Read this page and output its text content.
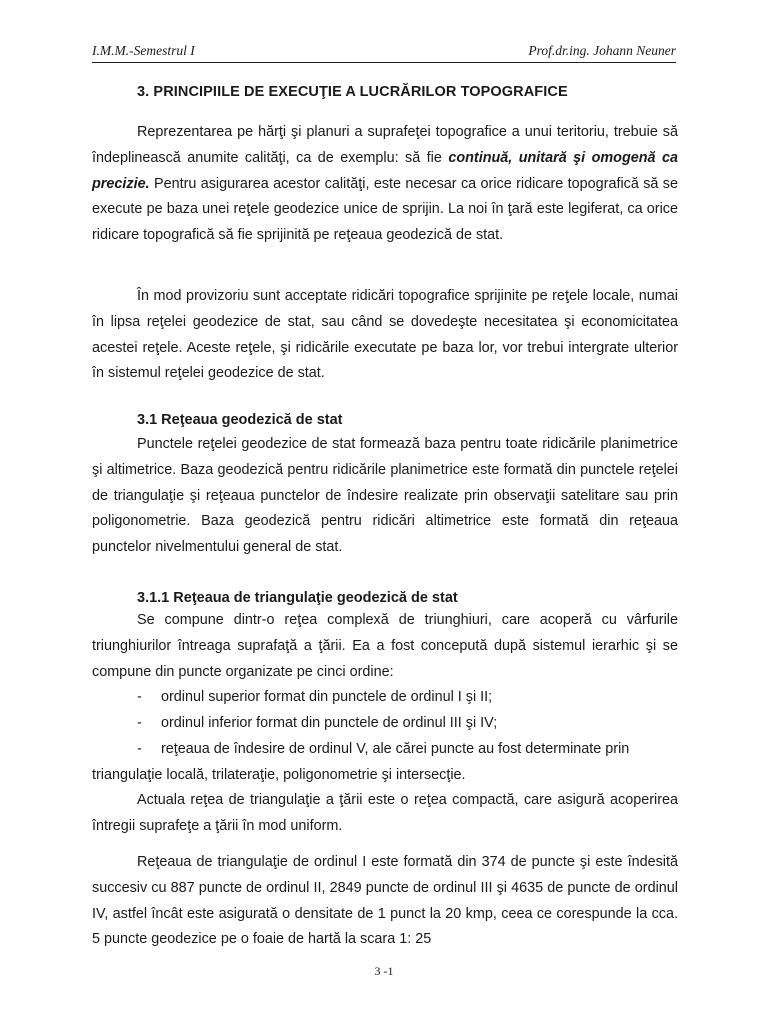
I.M.M.-Semestrul I	Prof.dr.ing. Johann Neuner
3. PRINCIPIILE DE EXECUŢIE A LUCRĂRILOR TOPOGRAFICE

Reprezentarea pe hărţi şi planuri a suprafeţei topografice a unui teritoriu, trebuie să îndeplinească anumite calităţi, ca de exemplu: să fie continuă, unitară şi omogenă ca precizie. Pentru asigurarea acestor calităţi, este necesar ca orice ridicare topografică să se execute pe baza unei reţele geodezice unice de sprijin. La noi în ţară este legiferat, ca orice ridicare topografică să fie sprijinită pe reţeaua geodezică de stat.

În mod provizoriu sunt acceptate ridicări topografice sprijinite pe reţele locale, numai în lipsa reţelei geodezice de stat, sau când se dovedeşte necesitatea şi economicitatea acestei reţele. Aceste reţele, şi ridicările executate pe baza lor, vor trebui intergrate ulterior în sistemul reţelei geodezice de stat.

3.1 Reţeaua geodezică de stat

Punctele reţelei geodezice de stat formează baza pentru toate ridicările planimetrice şi altimetrice. Baza geodezică pentru ridicările planimetrice este formată din punctele reţelei de triangulaţie şi reţeaua punctelor de îndesire realizate prin observaţii satelitare sau prin poligonometrie. Baza geodezică pentru ridicări altimetrice este formată din reţeaua punctelor nivelmentului general de stat.

3.1.1 Reţeaua de triangulaţie geodezică de stat

Se compune dintr-o reţea complexă de triunghiuri, care acoperă cu vârfurile triunghiurilor întreaga suprafaţă a ţării. Ea a fost concepută după sistemul ierarhic şi se compune din puncte organizate pe cinci ordine:

- ordinul superior format din punctele de ordinul I şi II;
- ordinul inferior format din punctele de ordinul III şi IV;
- reţeaua de îndesire de ordinul V, ale cărei puncte au fost determinate prin
triangulaţie locală, trilateraţie, poligonometrie şi intersecţie.

Actuala reţea de triangulaţie a ţării este o reţea compactă, care asigură acoperirea întregii suprafeţe a ţării în mod uniform.

Reţeaua de triangulaţie de ordinul I este formată din 374 de puncte şi este îndesită succesiv cu 887 puncte de ordinul II, 2849 puncte de ordinul III şi 4635 de puncte de ordinul IV, astfel încât este asigurată o densitate de 1 punct la 20 kmp, ceea ce corespunde la cca. 5 puncte geodezice pe o foaie de hartă la scara 1: 25

3 -1
